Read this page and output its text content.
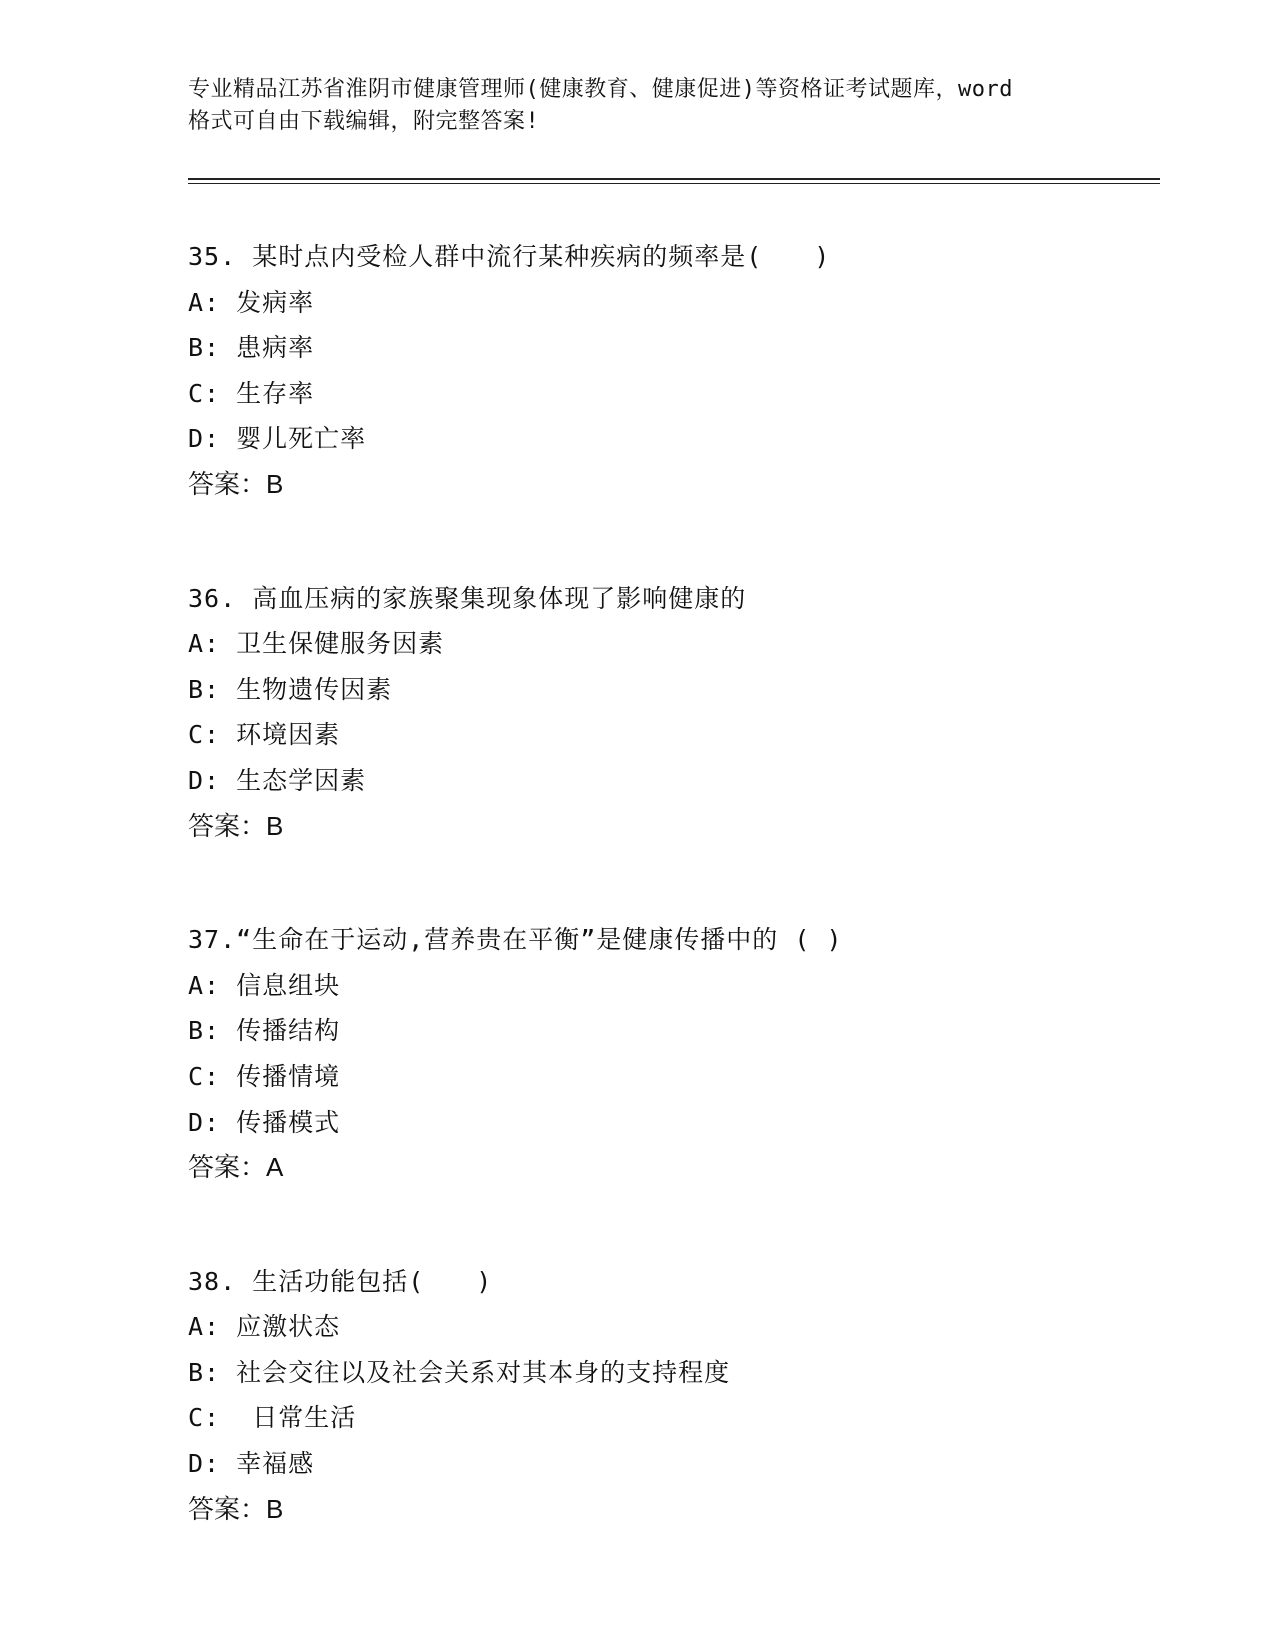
专业精品江苏省淮阴市健康管理师(健康教育、健康促进)等资格证考试题库，word
格式可自由下载编辑，附完整答案!
35. 某时点内受检人群中流行某种疾病的频率是(　　)
A: 发病率
B: 患病率
C: 生存率
D: 婴儿死亡率
答案：B
36. 高血压病的家族聚集现象体现了影响健康的
A: 卫生保健服务因素
B: 生物遗传因素
C: 环境因素
D: 生态学因素
答案：B
37.“生命在于运动,营养贵在平衡”是健康传播中的 ( )
A: 信息组块
B: 传播结构
C: 传播情境
D: 传播模式
答案：A
38. 生活功能包括(　　)
A: 应激状态
B: 社会交往以及社会关系对其本身的支持程度
C:  日常生活
D: 幸福感
答案：B
